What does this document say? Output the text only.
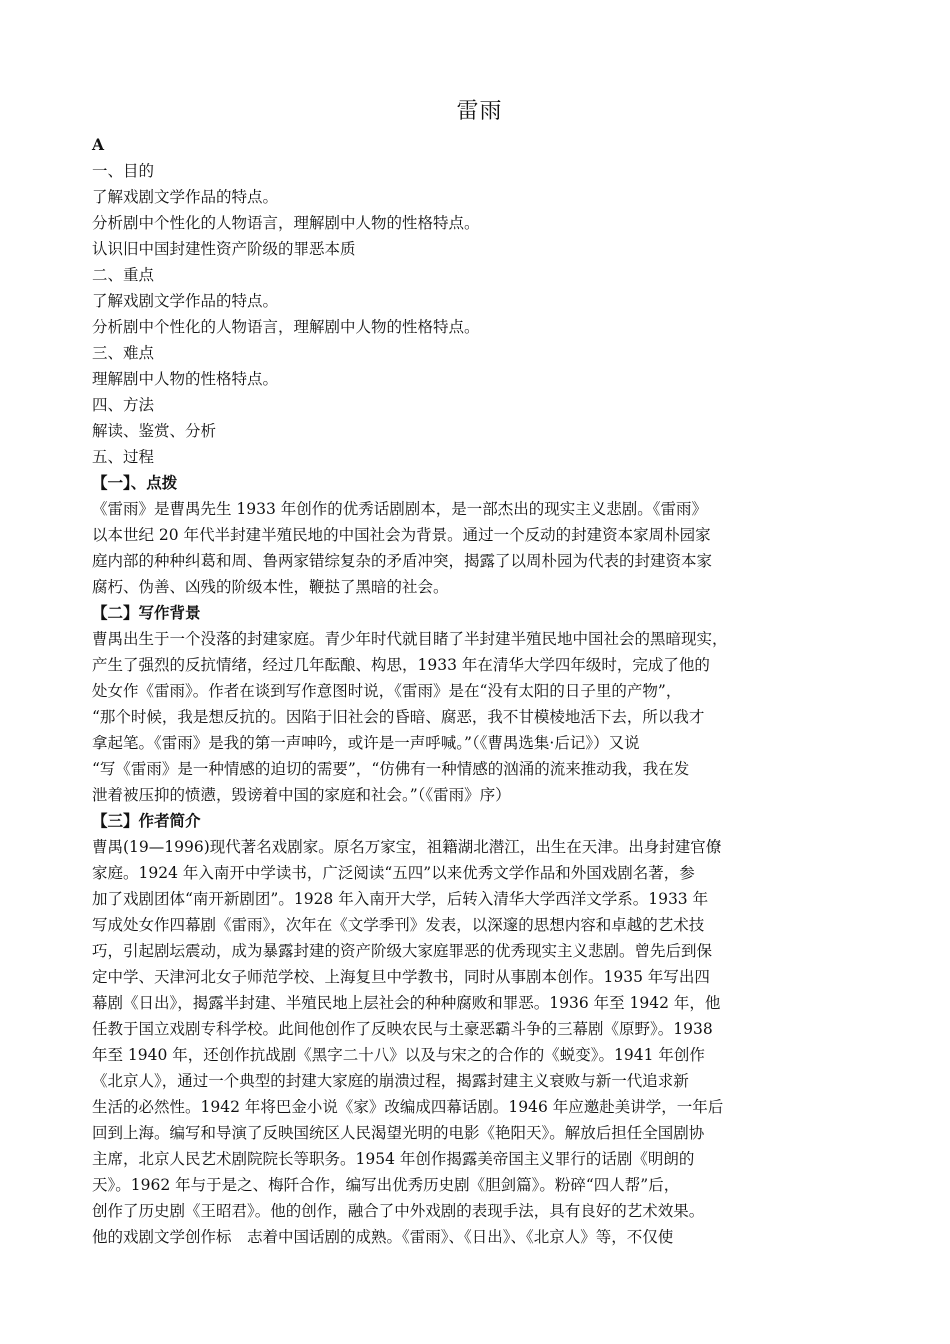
雷雨
A
一、目的
了解戏剧文学作品的特点。
分析剧中个性化的人物语言，理解剧中人物的性格特点。
认识旧中国封建性资产阶级的罪恶本质
二、重点
了解戏剧文学作品的特点。
分析剧中个性化的人物语言，理解剧中人物的性格特点。
三、难点
理解剧中人物的性格特点。
四、方法
解读、鉴赏、分析
五、过程
【一】、点拨
《雷雨》是曹禺先生 1933 年创作的优秀话剧剧本，是一部杰出的现实主义悲剧。《雷雨》
以本世纪 20 年代半封建半殖民地的中国社会为背景。通过一个反动的封建资本家周朴园家
庭内部的种种纠葛和周、鲁两家错综复杂的矛盾冲突，揭露了以周朴园为代表的封建资本家
腐朽、伪善、凶残的阶级本性，鞭挞了黑暗的社会。
【二】写作背景
曹禺出生于一个没落的封建家庭。青少年时代就目睹了半封建半殖民地中国社会的黑暗现实，
产生了强烈的反抗情绪，经过几年酝酿、构思，1933 年在清华大学四年级时，完成了他的
处女作《雷雨》。作者在谈到写作意图时说，《雷雨》是在“没有太阳的日子里的产物”，
“那个时候，我是想反抗的。因陷于旧社会的昏暗、腐恶，我不甘模棱地活下去，所以我才
拿起笔。《雷雨》是我的第一声呻吟，或许是一声呼喊。”（《曹禺选集·后记》）又说
“写《雷雨》是一种情感的迫切的需要”，“仿佛有一种情感的汹涌的流来推动我，我在发
泄着被压抑的愤懑，毁谤着中国的家庭和社会。”（《雷雨》序）
【三】作者简介
曹禺(19—1996)现代著名戏剧家。原名万家宝，祖籍湖北潜江，出生在天津。出身封建官僚
家庭。1924 年入南开中学读书，广泛阅读“五四”以来优秀文学作品和外国戏剧名著，参
加了戏剧团体“南开新剧团”。1928 年入南开大学，后转入清华大学西洋文学系。1933 年
写成处女作四幕剧《雷雨》，次年在《文学季刊》发表，以深邃的思想内容和卓越的艺术技
巧，引起剧坛震动，成为暴露封建的资产阶级大家庭罪恶的优秀现实主义悲剧。曾先后到保
定中学、天津河北女子师范学校、上海复旦中学教书，同时从事剧本创作。1935 年写出四
幕剧《日出》，揭露半封建、半殖民地上层社会的种种腐败和罪恶。1936 年至 1942 年，他
任教于国立戏剧专科学校。此间他创作了反映农民与土豪恶霸斗争的三幕剧《原野》。1938
年至 1940 年，还创作抗战剧《黑字二十八》以及与宋之的合作的《蜕变》。1941 年创作
《北京人》，通过一个典型的封建大家庭的崩溃过程，揭露封建主义衰败与新一代追求新
生活的必然性。1942 年将巴金小说《家》改编成四幕话剧。1946 年应邀赴美讲学，一年后
回到上海。编写和导演了反映国统区人民渴望光明的电影《艳阳天》。解放后担任全国剧协
主席，北京人民艺术剧院院长等职务。1954 年创作揭露美帝国主义罪行的话剧《明朗的
天》。1962 年与于是之、梅阡合作，编写出优秀历史剧《胆剑篇》。粉碎“四人帮”后，
创作了历史剧《王昭君》。他的创作，融合了中外戏剧的表现手法，具有良好的艺术效果。
他的戏剧文学创作标　志着中国话剧的成熟。《雷雨》、《日出》、《北京人》等，不仅使
